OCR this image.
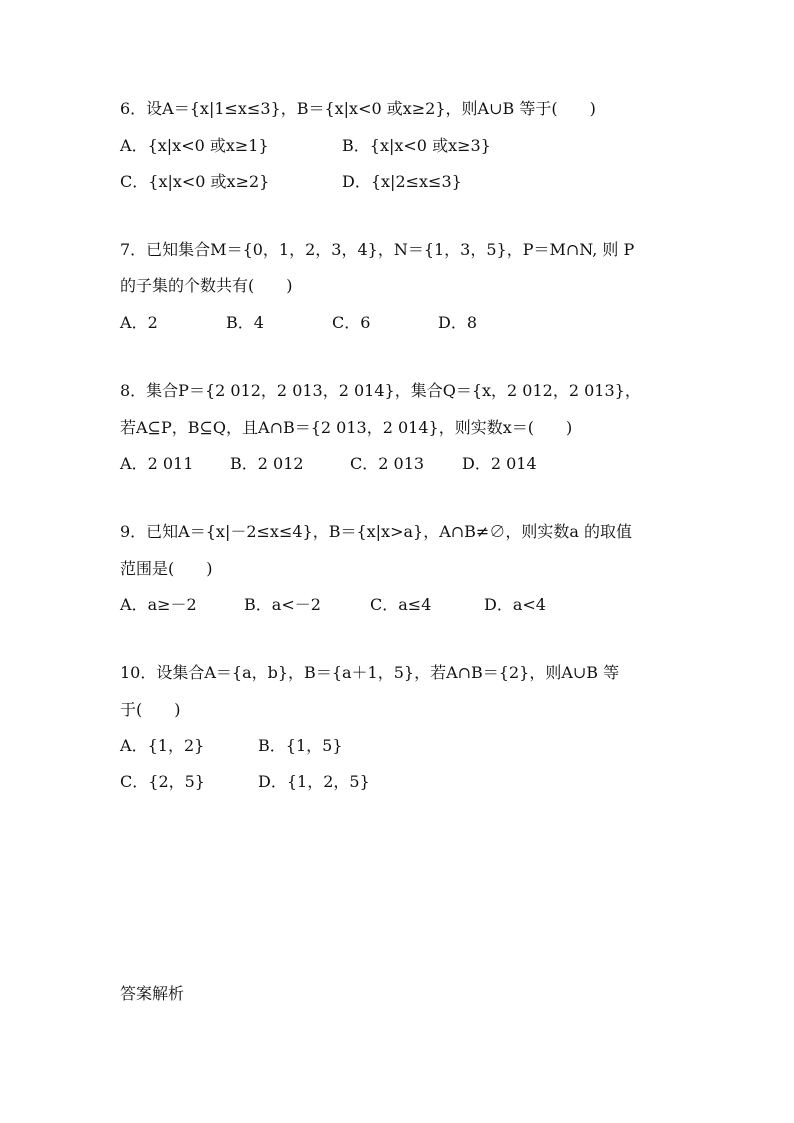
6．设A＝{x|1≤x≤3}，B＝{x|x<0 或x≥2}，则A∪B 等于(　　)
A．{x|x<0 或x≥1}	B．{x|x<0 或x≥3}
C．{x|x<0 或x≥2}	D．{x|2≤x≤3}
7．已知集合M＝{0，1，2，3，4}，N＝{1，3，5}，P＝M∩N, 则 P
的子集的个数共有(　　)
A．2	B．4	C．6	D．8
8．集合P＝{2 012，2 013，2 014}，集合Q＝{x，2 012，2 013}，
若A⊆P，B⊆Q，且A∩B＝{2 013，2 014}，则实数x＝(　　)
A．2 011 B．2 012	C．2 013 D．2 014
9．已知A＝{x|－2≤x≤4}，B＝{x|x>a}，A∩B≠∅，则实数a 的取值
范围是(　　)
A．a≥－2	B．a<－2	C．a≤4	D．a<4
10．设集合A＝{a，b}，B＝{a＋1，5}，若A∩B＝{2}，则A∪B 等
于(　　)
A．{1，2}	B．{1，5}
C．{2，5}	D．{1，2，5}
答案解析
